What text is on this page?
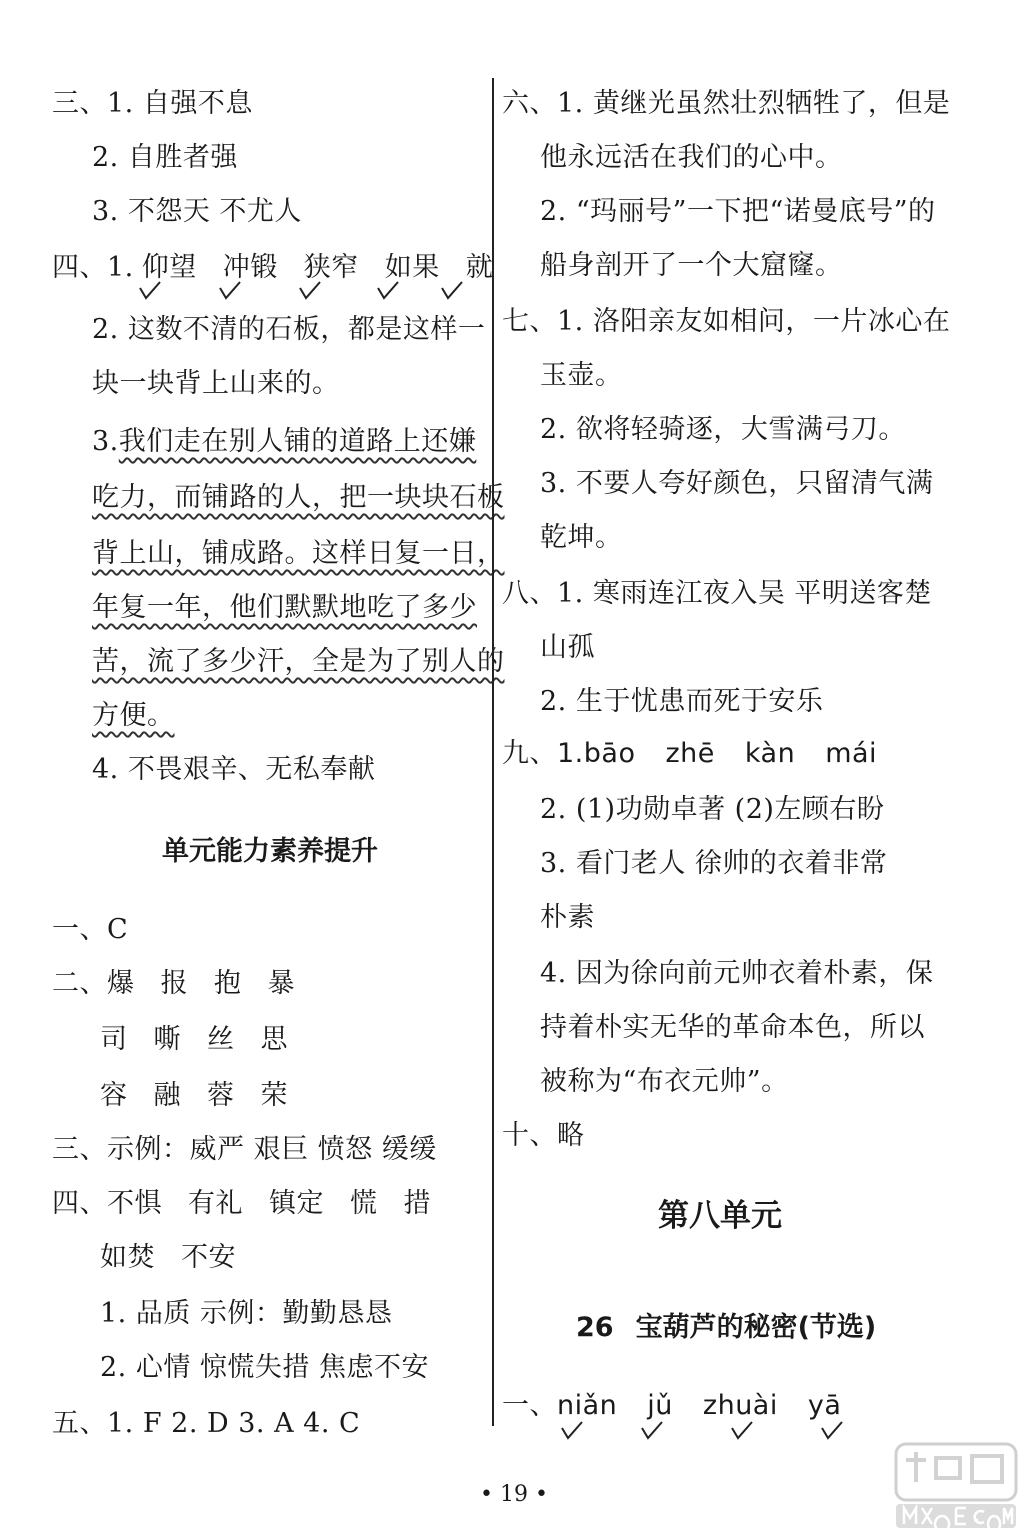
三、1. 自强不息
2. 自胜者强
3. 不怨天 不尤人
四、1. 仰望 冲锻 狭窄 如果 就
2. 这数不清的石板，都是这样一
块一块背上山来的。
3.我们走在别人铺的道路上还嫌
吃力，而铺路的人，把一块块石板
背上山，铺成路。这样日复一日，
年复一年，他们默默地吃了多少
苦，流了多少汗，全是为了别人的
方便。
4. 不畏艰辛、无私奉献
单元能力素养提升
一、C
二、爆 报 抱 暴
司 嘶 丝 思
容 融 蓉 荣
三、示例：威严 艰巨 愤怒 缓缓
四、不惧 有礼 镇定 慌 措
如焚 不安
1. 品质 示例：勤勤恳恳
2. 心情 惊慌失措 焦虑不安
五、1. F 2. D 3. A 4. C
六、1. 黄继光虽然壮烈牺牲了，但是
他永远活在我们的心中。
2. “玛丽号”一下把“诺曼底号”的
船身剖开了一个大窟窿。
七、1. 洛阳亲友如相问，一片冰心在
玉壶。
2. 欲将轻骑逐，大雪满弓刀。
3. 不要人夸好颜色，只留清气满
乾坤。
八、1. 寒雨连江夜入吴 平明送客楚
山孤
2. 生于忧患而死于安乐
九、1.bāo zhē kàn mái
2. (1)功勋卓著 (2)左顾右盼
3. 看门老人 徐帅的衣着非常
朴素
4. 因为徐向前元帅衣着朴素，保
持着朴实无华的革命本色，所以
被称为“布衣元帅”。
十、略
第八单元
26 宝葫芦的秘密(节选)
一、niǎn jǔ zhuài yā
• 19 •
